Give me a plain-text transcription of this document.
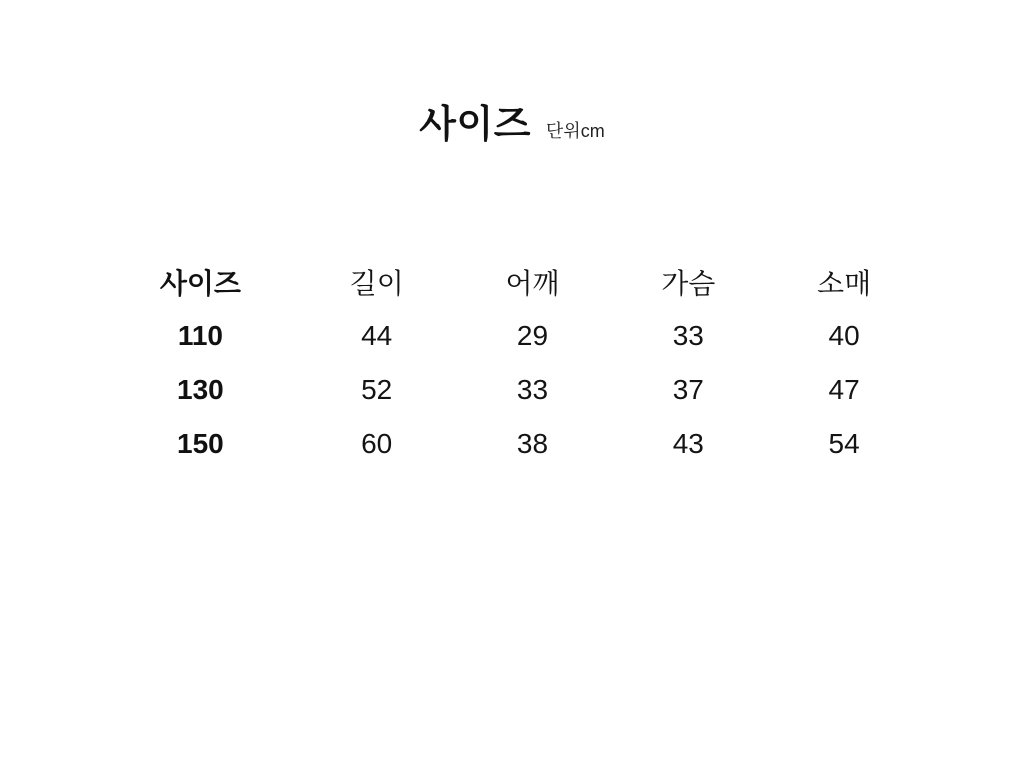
사이즈 단위cm
사이즈	길이	어깨	가슴	소매
110	44	29	33	40
130	52	33	37	47
150	60	38	43	54
